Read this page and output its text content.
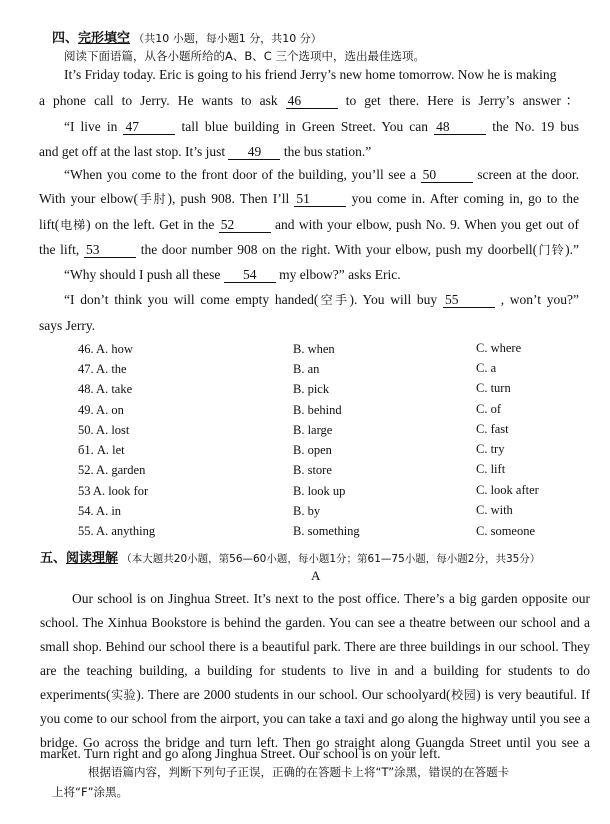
四、完形填空 （共10 小题，每小题1 分，共10 分）
阅读下面语篇，从各小题所给的A、B、C 三个选项中，选出最佳选项。
It’s Friday today. Eric is going to his friend Jerry’s new home tomorrow. Now he is making
a phone call to Jerry. He wants to ask 46	to get there. Here is Jerry’s answer：
“I live in 47	tall blue building in Green Street. You can 48	the No. 19 bus
and get off at the last stop. It’s just 49 the bus station.”
“When you come to the front door of the building, you’ll see a 50	screen at the door.
With your elbow(手肘), push 908. Then I’ll 51	you come in. After coming in, go to the
lift(电梯) on the left. Get in the 52	and with your elbow, push No. 9. When you get out of
the lift, 53	the door number 908 on the right. With your elbow, push my doorbell(门铃).”
“Why should I push all these 54 my elbow?” asks Eric.
“I don’t think you will come empty handed(空手). You will buy 55	, won’t you?”
says Jerry.
46. A. how	B. when	C. where
47. A. the	B. an	C. a
48. A. take	B. pick	C. turn
49. A. on	B. behind	C. of
50. A. lost	B. large	C. fast
б1. A. let	B. open	C. try
52. A. garden	B. store	C. lift
53 A. look for	B. look up	C. look after
54. A. in	B. by	C. with
55. A. anything	B. something	C. someone
五、阅读理解 （本大题共20小题，第56—60小题，每小题1分；第61—75小题，每小题2分，共35分）
A
Our school is on Jinghua Street. It’s next to the post office. There’s a big garden opposite our
school. The Xinhua Bookstore is behind the garden. You can see a theatre between our school and a
small shop. Behind our school there is a beautiful park. There are three buildings in our school. They
are the teaching building, a building for students to live in and a building for students to do
experiments(实验). There are 2000 students in our school. Our schoolyard(校园) is very beautiful. If
you come to our school from the airport, you can take a taxi and go along the highway until you see a
bridge. Go across the bridge and turn left. Then go straight along Guangda Street until you see a
market. Turn right and go along Jinghua Street. Our school is on your left.
根据语篇内容，判断下列句子正误，正确的在答题卡上将“T”涂黑，错误的在答题卡
上将“F”涂黑。
